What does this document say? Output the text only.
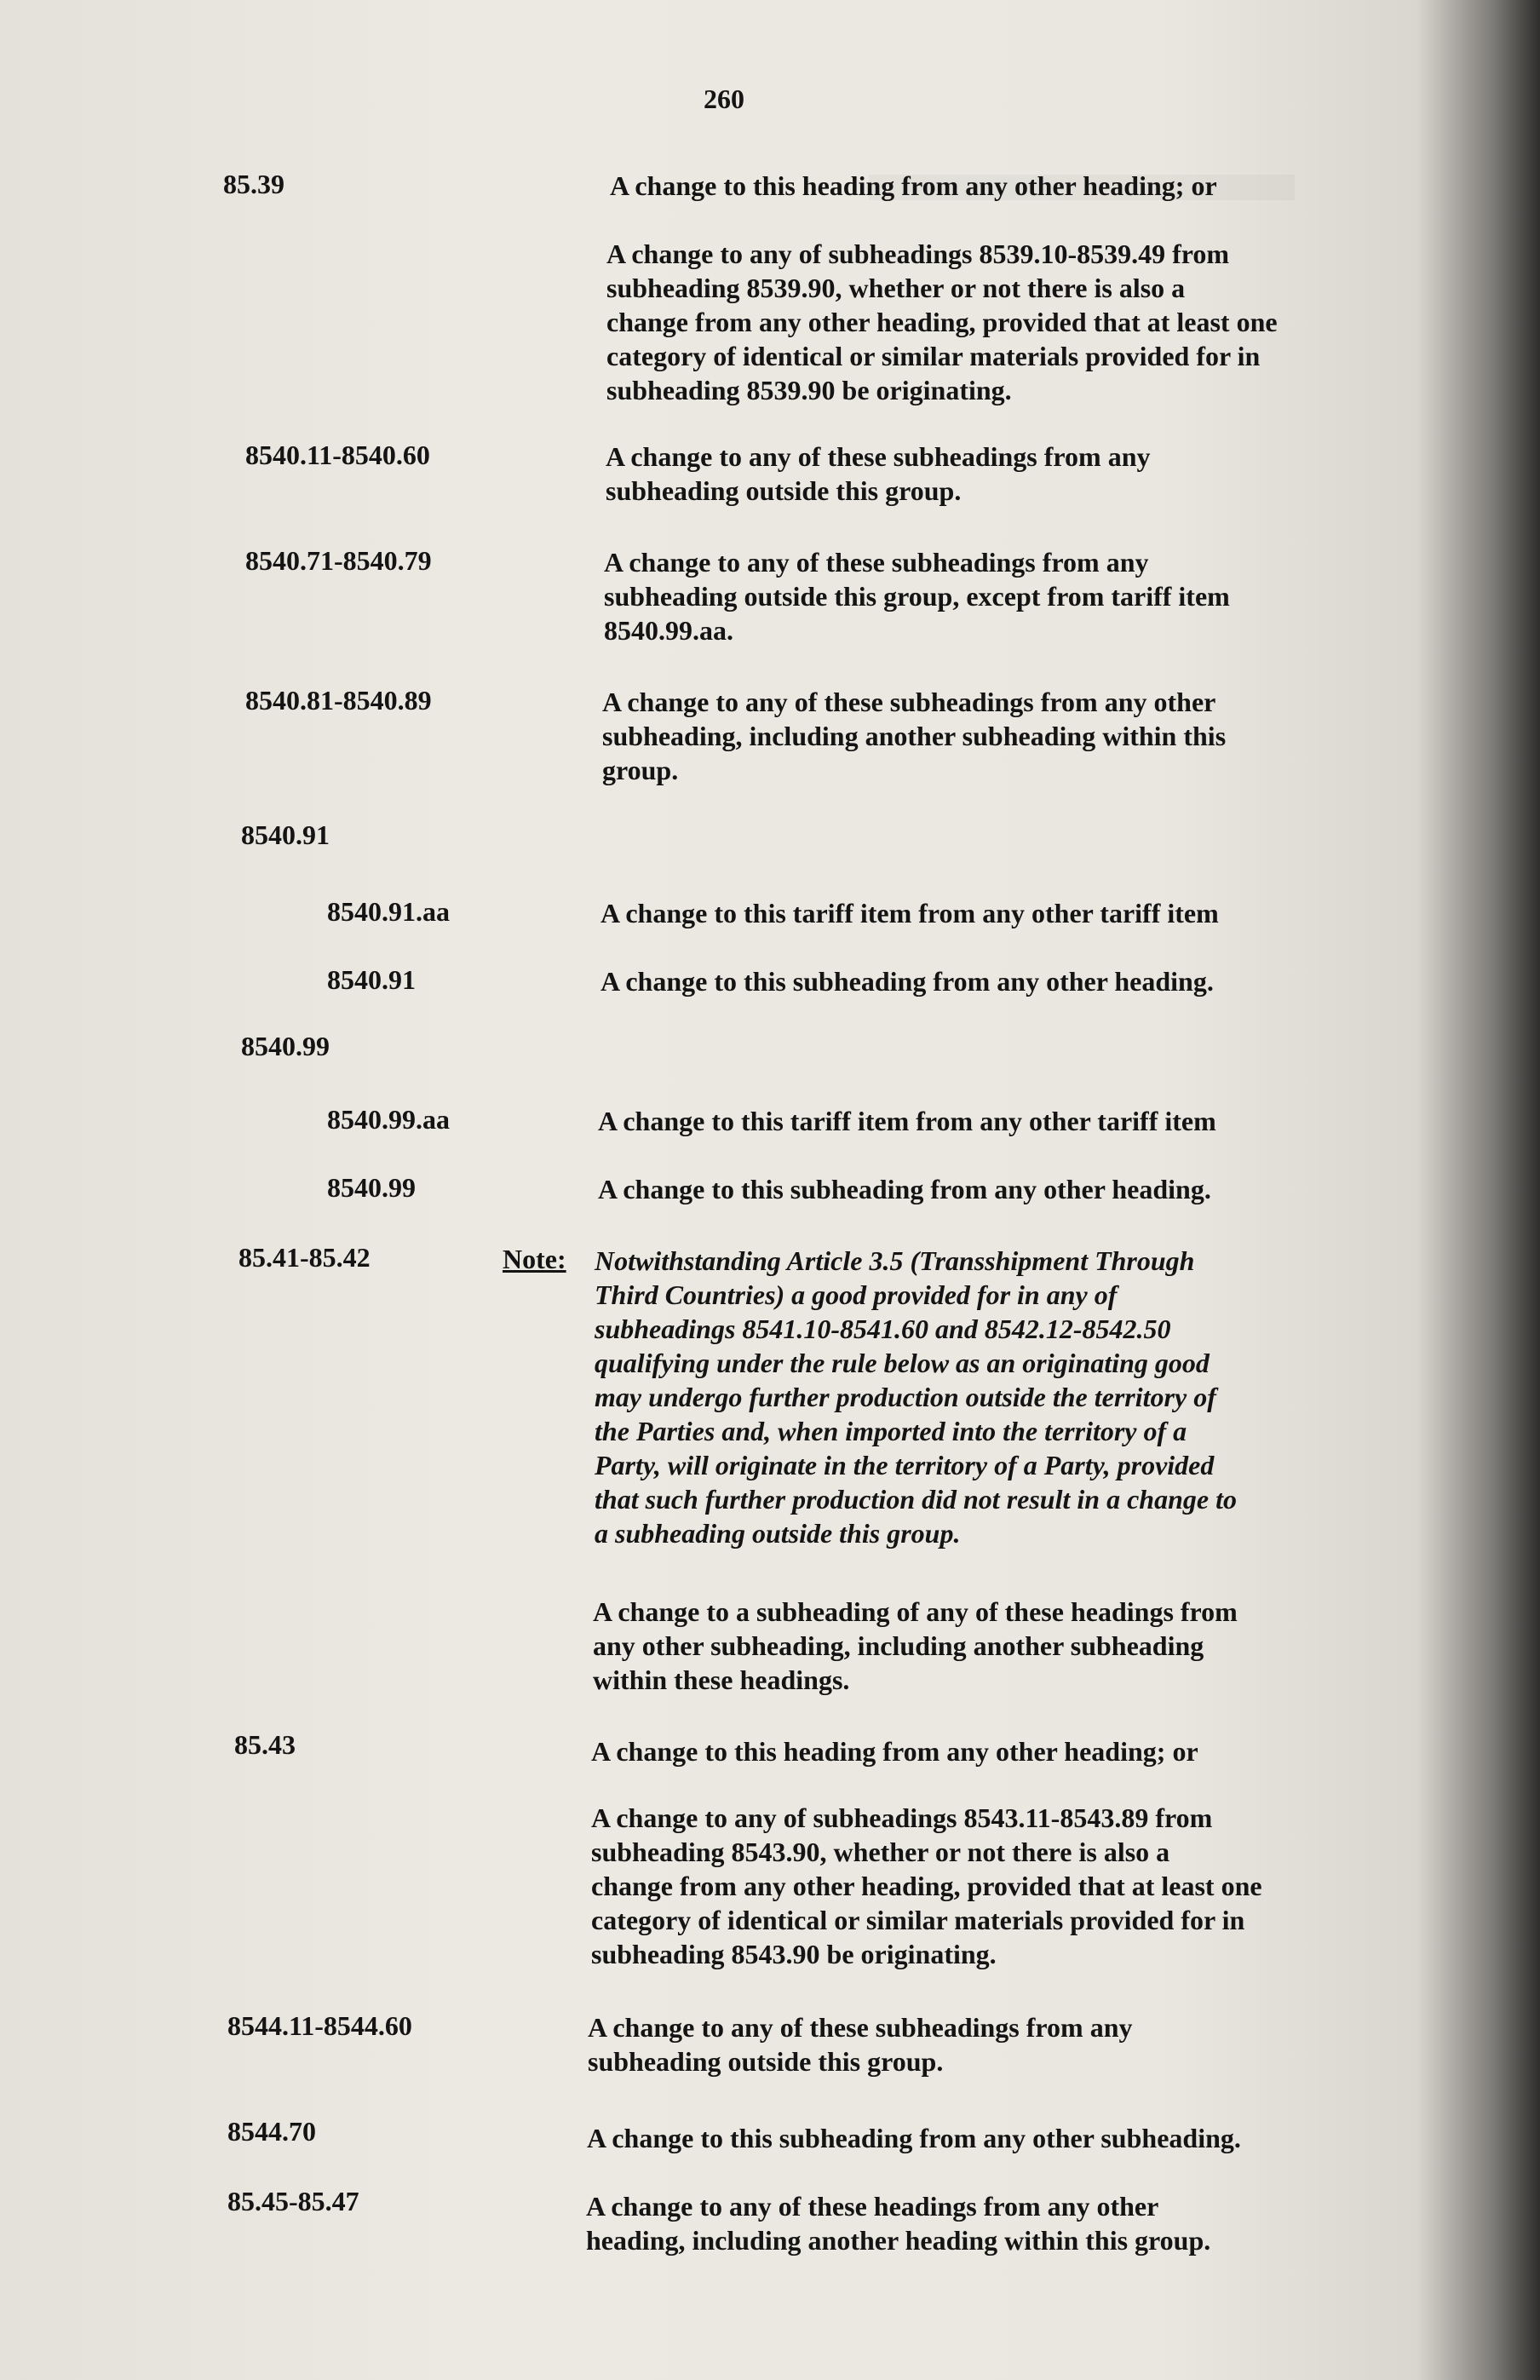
260
85.39	A change to this heading from any other heading; or
A change to any of subheadings 8539.10-8539.49 from
subheading 8539.90, whether or not there is also a
change from any other heading, provided that at least one
category of identical or similar materials provided for in
subheading 8539.90 be originating.
8540.11-8540.60	A change to any of these subheadings from any
subheading outside this group.
8540.71-8540.79	A change to any of these subheadings from any
subheading outside this group, except from tariff item
8540.99.aa.
8540.81-8540.89	A change to any of these subheadings from any other
subheading, including another subheading within this
group.
8540.91
8540.91.aa	A change to this tariff item from any other tariff item
8540.91	A change to this subheading from any other heading.
8540.99
8540.99.aa	A change to this tariff item from any other tariff item
8540.99	A change to this subheading from any other heading.
85.41-85.42	Note: Notwithstanding Article 3.5 (Transshipment Through
Third Countries) a good provided for in any of
subheadings 8541.10-8541.60 and 8542.12-8542.50
qualifying under the rule below as an originating good
may undergo further production outside the territory of
the Parties and, when imported into the territory of a
Party, will originate in the territory of a Party, provided
that such further production did not result in a change to
a subheading outside this group.
A change to a subheading of any of these headings from
any other subheading, including another subheading
within these headings.
85.43	A change to this heading from any other heading; or
A change to any of subheadings 8543.11-8543.89 from
subheading 8543.90, whether or not there is also a
change from any other heading, provided that at least one
category of identical or similar materials provided for in
subheading 8543.90 be originating.
8544.11-8544.60	A change to any of these subheadings from any
subheading outside this group.
8544.70	A change to this subheading from any other subheading.
85.45-85.47	A change to any of these headings from any other
heading, including another heading within this group.
